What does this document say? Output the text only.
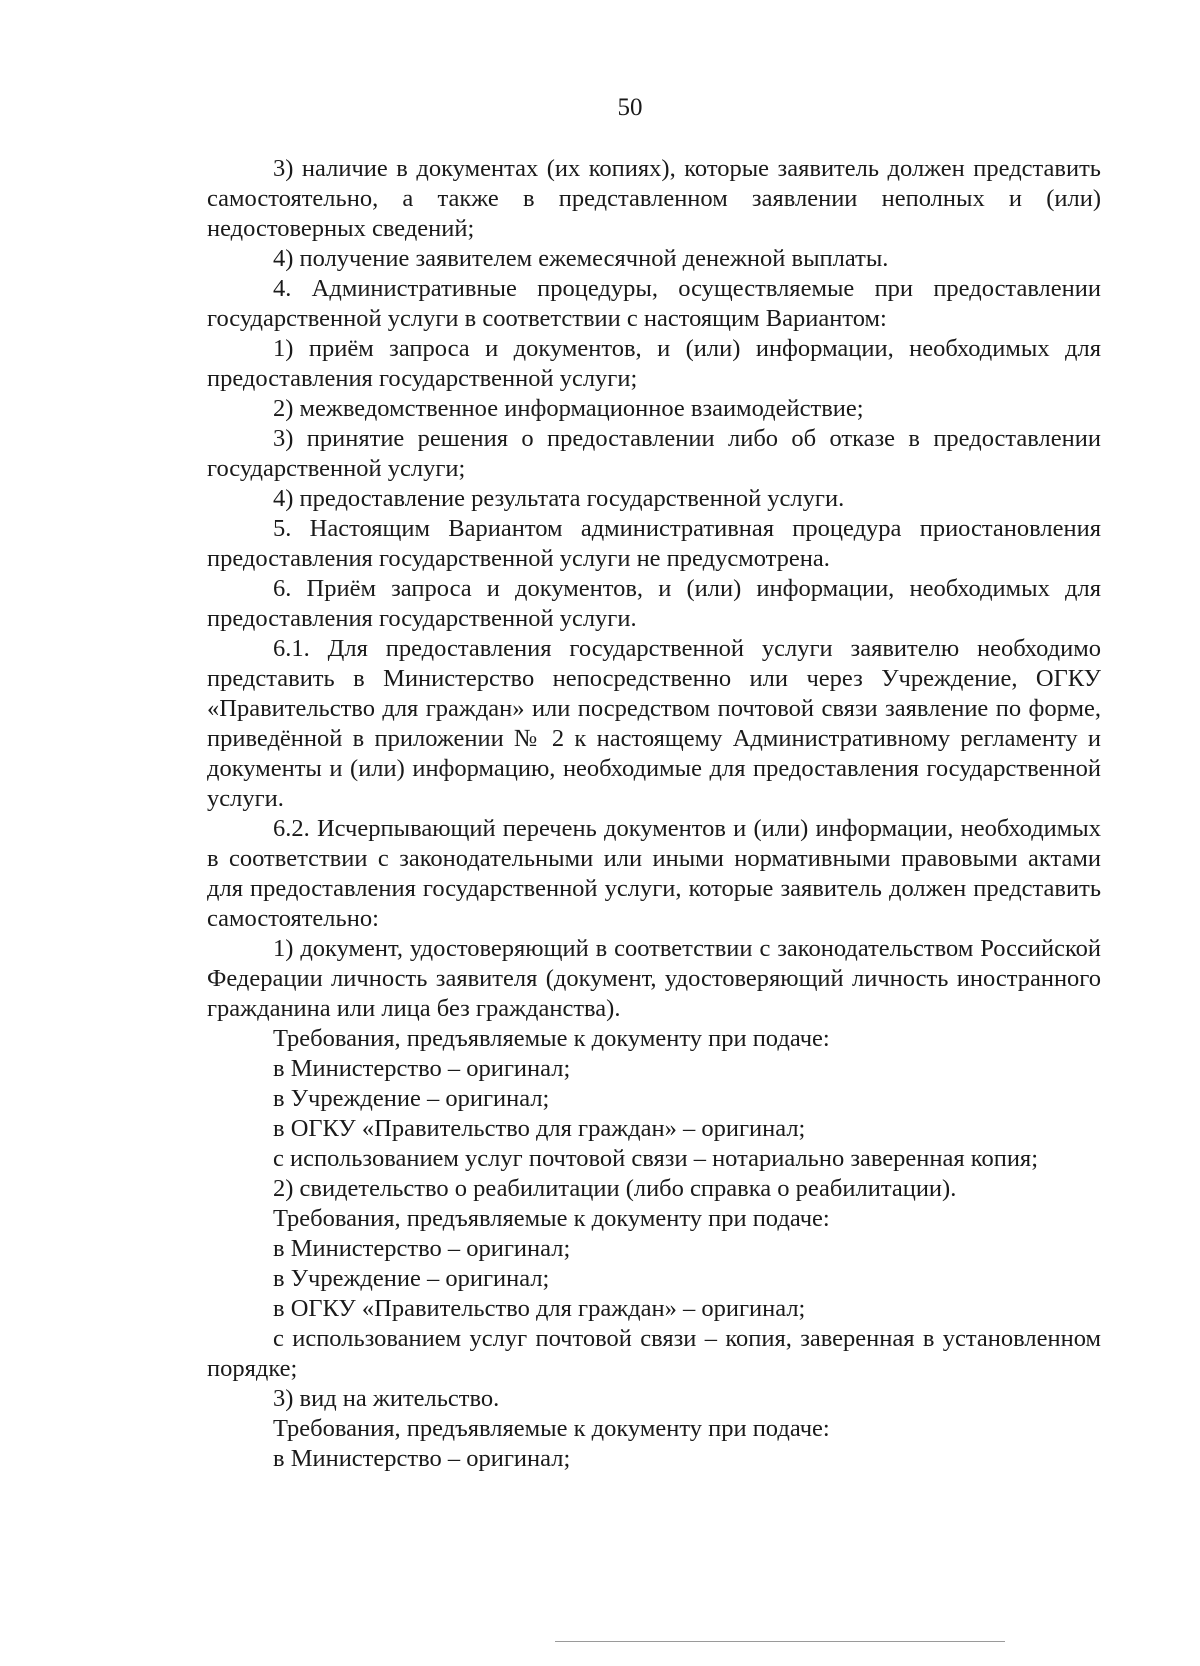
50

3) наличие в документах (их копиях), которые заявитель должен представить самостоятельно, а также в представленном заявлении неполных и (или) недостоверных сведений;

4) получение заявителем ежемесячной денежной выплаты.

4. Административные процедуры, осуществляемые при предоставлении государственной услуги в соответствии с настоящим Вариантом:

1) приём запроса и документов, и (или) информации, необходимых для предоставления государственной услуги;

2) межведомственное информационное взаимодействие;

3) принятие решения о предоставлении либо об отказе в предоставлении государственной услуги;

4) предоставление результата государственной услуги.

5. Настоящим Вариантом административная процедура приостановления предоставления государственной услуги не предусмотрена.

6. Приём запроса и документов, и (или) информации, необходимых для предоставления государственной услуги.

6.1. Для предоставления государственной услуги заявителю необходимо представить в Министерство непосредственно или через Учреждение, ОГКУ «Правительство для граждан» или посредством почтовой связи заявление по форме, приведённой в приложении № 2 к настоящему Административному регламенту и документы и (или) информацию, необходимые для предоставления государственной услуги.

6.2. Исчерпывающий перечень документов и (или) информации, необходимых в соответствии с законодательными или иными нормативными правовыми актами для предоставления государственной услуги, которые заявитель должен представить самостоятельно:

1) документ, удостоверяющий в соответствии с законодательством Российской Федерации личность заявителя (документ, удостоверяющий личность иностранного гражданина или лица без гражданства).

Требования, предъявляемые к документу при подаче:

в Министерство – оригинал;

в Учреждение – оригинал;

в ОГКУ «Правительство для граждан» – оригинал;

с использованием услуг почтовой связи – нотариально заверенная копия;

2) свидетельство о реабилитации (либо справка о реабилитации).

Требования, предъявляемые к документу при подаче:

в Министерство – оригинал;

в Учреждение – оригинал;

в ОГКУ «Правительство для граждан» – оригинал;

с использованием услуг почтовой связи – копия, заверенная в установленном порядке;

3) вид на жительство.

Требования, предъявляемые к документу при подаче:

в Министерство – оригинал;
